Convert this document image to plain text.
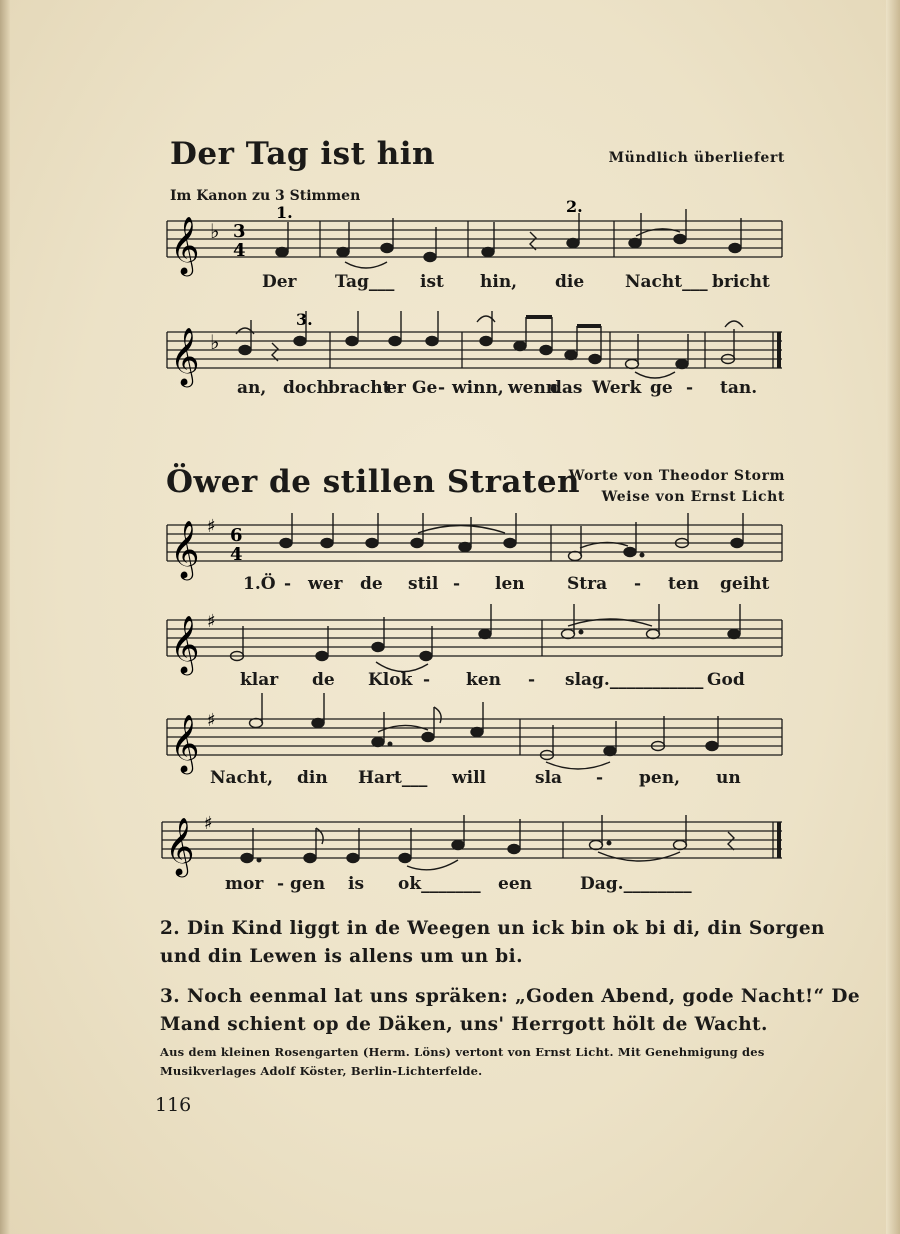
Der Tag ist hin	Mündlich überliefert
Im Kanon zu 3 Stimmen
𝄞 ♭ 3
4
1.	2.
Der Tag___ ist hin, die Nacht___ bricht
𝄞 ♭
3.
an, doch bracht
er Ge - winn, wenn
das Werk ge - tan.
Öwer de stillen Straten
Worte von Theodor Storm
Weise von Ernst Licht
𝄞 ♯ 6
4
1.Ö - wer de stil - len Stra - ten geiht
𝄞 ♯
klar de Klok - ken - slag.___________ God
𝄞 ♯
Nacht, din Hart___ will	sla - pen, un
𝄞 ♯
mor - gen is ok_______ een	Dag.________
2. Din Kind liggt in de Weegen un ick bin ok bi di, din Sorgen
und din Lewen is allens um un bi.
3. Noch eenmal lat uns spräken: „Goden Abend, gode Nacht!“ De
Mand schient op de Däken, uns' Herrgott hölt de Wacht.
Aus dem kleinen Rosengarten (Herm. Löns) vertont von Ernst Licht. Mit Genehmigung des
Musikverlages Adolf Köster, Berlin-Lichterfelde.
116
